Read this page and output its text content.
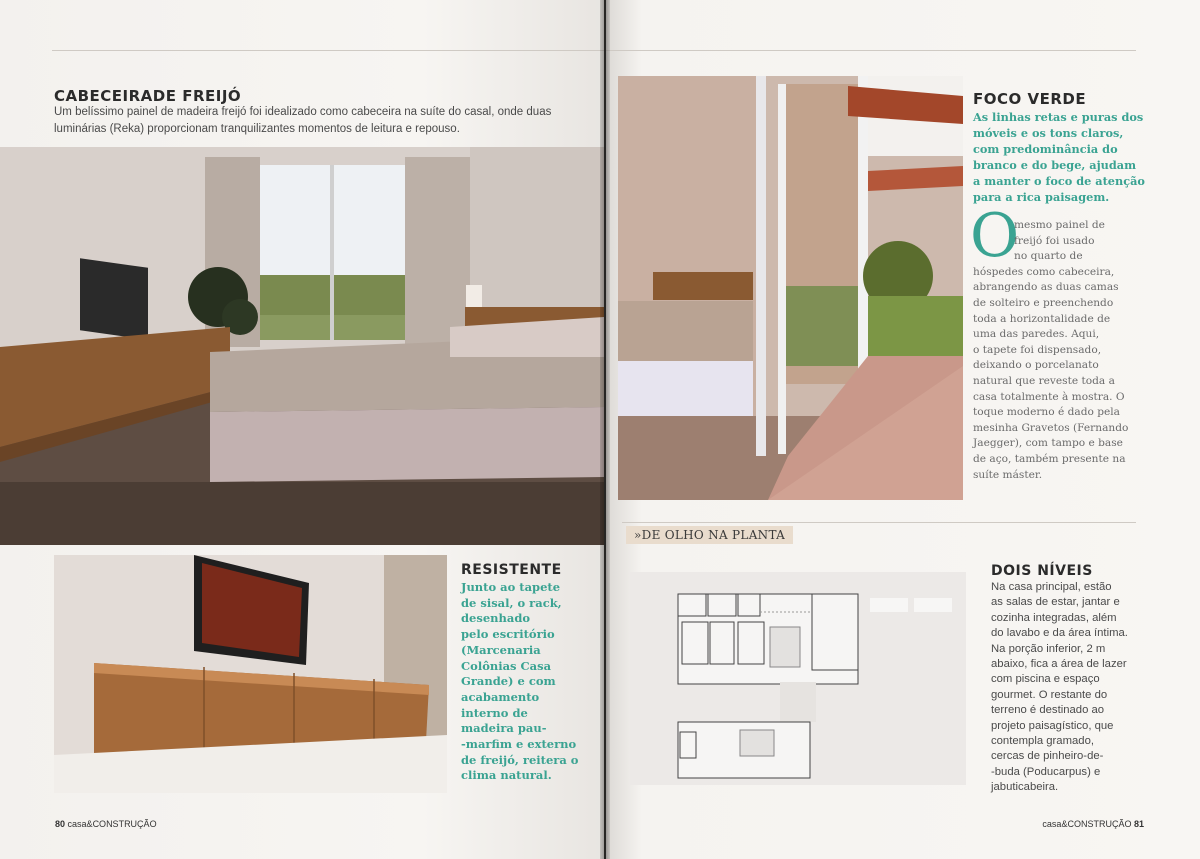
CABECEIRADE FREIJÓ
Um belíssimo painel de madeira freijó foi idealizado como cabeceira na suíte do casal, onde duas luminárias (Reka) proporcionam tranquilizantes momentos de leitura e repouso.
RESISTENTE
Junto ao tapete
de sisal, o rack,
desenhado
pelo escritório
(Marcenaria
Colônias Casa
Grande) e com
acabamento
interno de
madeira pau-
-marfim e externo
de freijó, reitera o
clima natural.
80 casa&CONSTRUÇÃO
FOCO VERDE
As linhas retas e puras dos
móveis e os tons claros,
com predominância do
branco e do bege, ajudam
a manter o foco de atenção
para a rica paisagem.
O
mesmo painel de
freijó foi usado
no quarto de
hóspedes como cabeceira,
abrangendo as duas camas
de solteiro e preenchendo
toda a horizontalidade de
uma das paredes. Aqui,
o tapete foi dispensado,
deixando o porcelanato
natural que reveste toda a
casa totalmente à mostra. O
toque moderno é dado pela
mesinha Gravetos (Fernando
Jaegger), com tampo e base
de aço, também presente na
suíte máster.
»DE OLHO NA PLANTA
DOIS NÍVEIS
Na casa principal, estão
as salas de estar, jantar e
cozinha integradas, além
do lavabo e da área íntima.
Na porção inferior, 2 m
abaixo, fica a área de lazer
com piscina e espaço
gourmet. O restante do
terreno é destinado ao
projeto paisagístico, que
contempla gramado,
cercas de pinheiro-de-
-buda (Poducarpus) e
jabuticabeira.
casa&CONSTRUÇÃO 81
